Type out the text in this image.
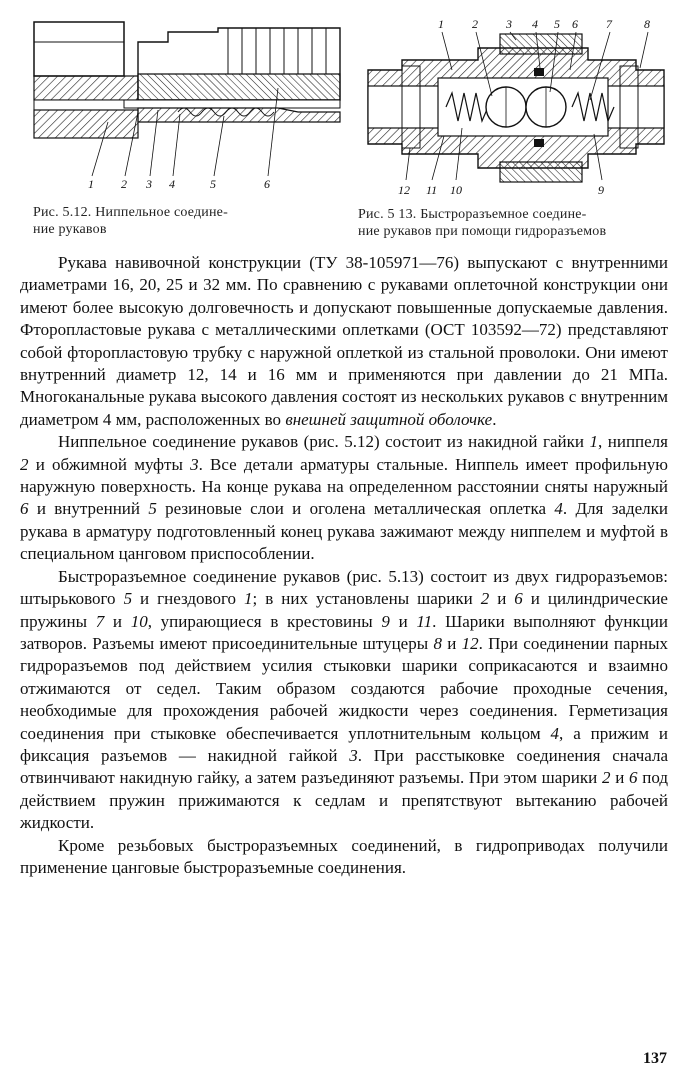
1 2 3 4	5	6
Рис. 5.12. Ниппельное соедине-
ние рукавов
1 2 3 4 5 6 7	8
12 11 10	9
Рис. 5 13. Быстроразъемное соедине-
ние рукавов при помощи гидроразъемов

Рукава навивочной конструкции (ТУ 38-105971—76) выпускают с внутренними диаметрами 16, 20, 25 и 32 мм. По сравнению с рукавами оплеточной конструкции они имеют более высокую долговечность и допускают повышенные допускаемые давления. Фторопластовые рукава с металлическими оплетками (ОСТ 103592—72) представляют собой фторопластовую трубку с наружной оплеткой из стальной проволоки. Они имеют внутренний диаметр 12, 14 и 16 мм и применяются при давлении до 21 МПа. Многоканальные рукава высокого давления состоят из нескольких рукавов с внутренним диаметром 4 мм, расположенных во внешней защитной оболочке.

Ниппельное соединение рукавов (рис. 5.12) состоит из накидной гайки 1, ниппеля 2 и обжимной муфты 3. Все детали арматуры стальные. Ниппель имеет профильную наружную поверхность. На конце рукава на определенном расстоянии сняты наружный 6 и внутренний 5 резиновые слои и оголена металлическая оплетка 4. Для заделки рукава в арматуру подготовленный конец рукава зажимают между ниппелем и муфтой в специальном цанговом приспособлении.

Быстроразъемное соединение рукавов (рис. 5.13) состоит из двух гидроразъемов: штырькового 5 и гнездового 1; в них установлены шарики 2 и 6 и цилиндрические пружины 7 и 10, упирающиеся в крестовины 9 и 11. Шарики выполняют функции затворов. Разъемы имеют присоединительные штуцеры 8 и 12. При соединении парных гидроразъемов под действием усилия стыковки шарики соприкасаются и взаимно отжимаются от седел. Таким образом создаются рабочие проходные сечения, необходимые для прохождения рабочей жидкости через соединения. Герметизация соединения при стыковке обеспечивается уплотнительным кольцом 4, а прижим и фиксация разъемов — накидной гайкой 3. При расстыковке соединения сначала отвинчивают накидную гайку, а затем разъединяют разъемы. При этом шарики 2 и 6 под действием пружин прижимаются к седлам и препятствуют вытеканию рабочей жидкости.

Кроме резьбовых быстроразъемных соединений, в гидроприводах получили применение цанговые быстроразъемные соединения.

137
